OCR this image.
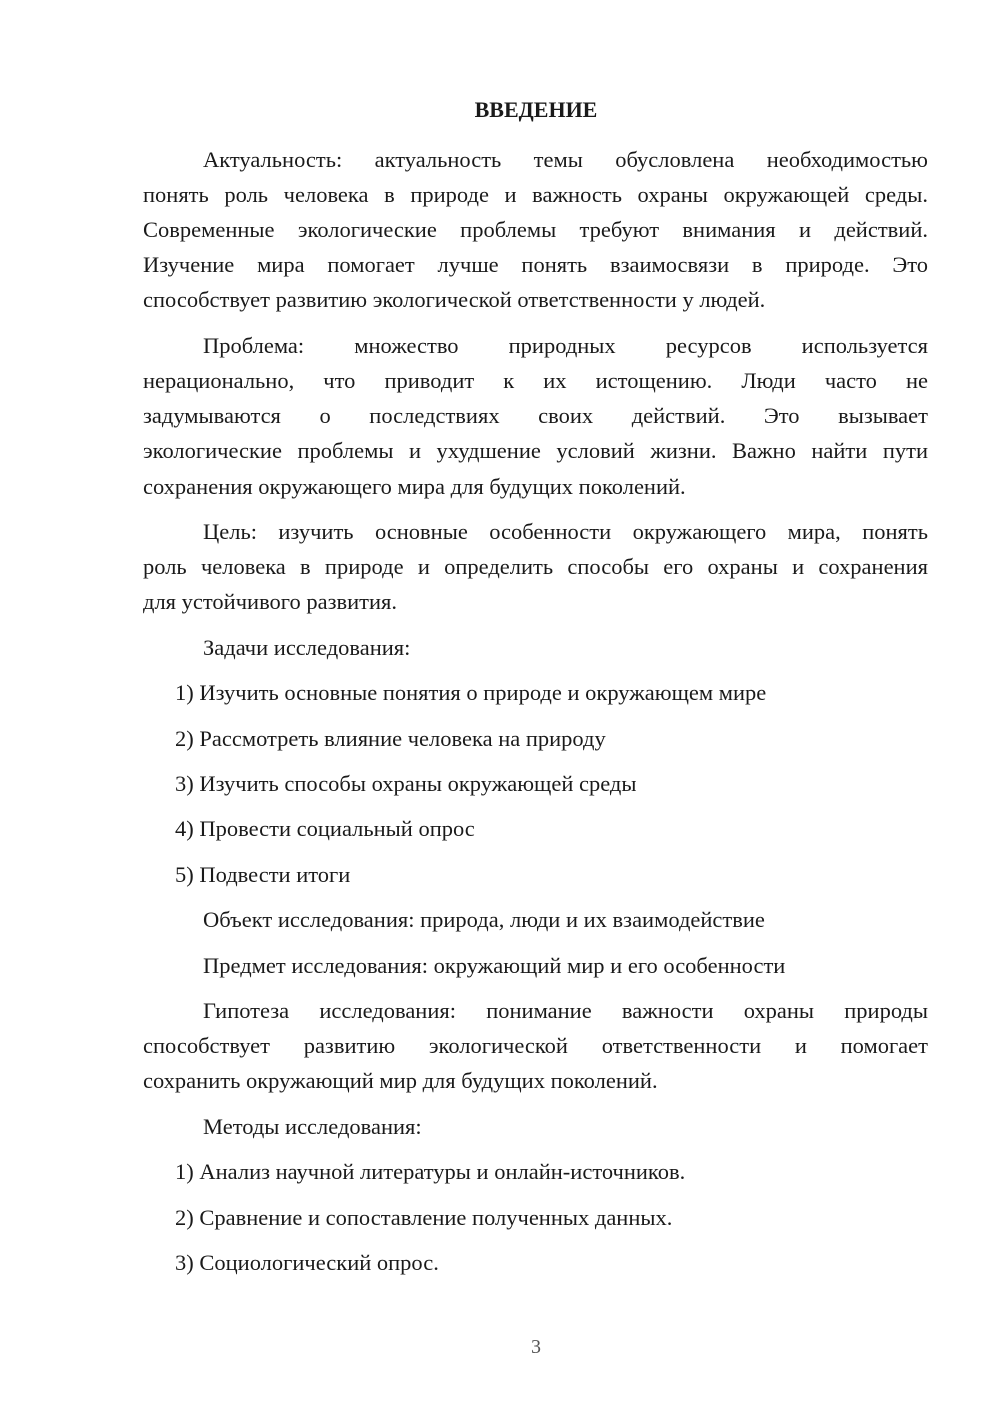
ВВЕДЕНИЕ
Актуальность: актуальность темы обусловлена необходимостью
понять роль человека в природе и важность охраны окружающей среды.
Современные экологические проблемы требуют внимания и действий.
Изучение мира помогает лучше понять взаимосвязи в природе. Это
способствует развитию экологической ответственности у людей.
Проблема: множество природных ресурсов используется
нерационально, что приводит к их истощению. Люди часто не
задумываются о последствиях своих действий. Это вызывает
экологические проблемы и ухудшение условий жизни. Важно найти пути
сохранения окружающего мира для будущих поколений.
Цель: изучить основные особенности окружающего мира, понять
роль человека в природе и определить способы его охраны и сохранения
для устойчивого развития.
Задачи исследования:
1) Изучить основные понятия о природе и окружающем мире
2) Рассмотреть влияние человека на природу
3) Изучить способы охраны окружающей среды
4) Провести социальный опрос
5) Подвести итоги
Объект исследования: природа, люди и их взаимодействие
Предмет исследования: окружающий мир и его особенности
Гипотеза исследования: понимание важности охраны природы
способствует развитию экологической ответственности и помогает
сохранить окружающий мир для будущих поколений.
Методы исследования:
1) Анализ научной литературы и онлайн-источников.
2) Сравнение и сопоставление полученных данных.
3) Социологический опрос.
3
